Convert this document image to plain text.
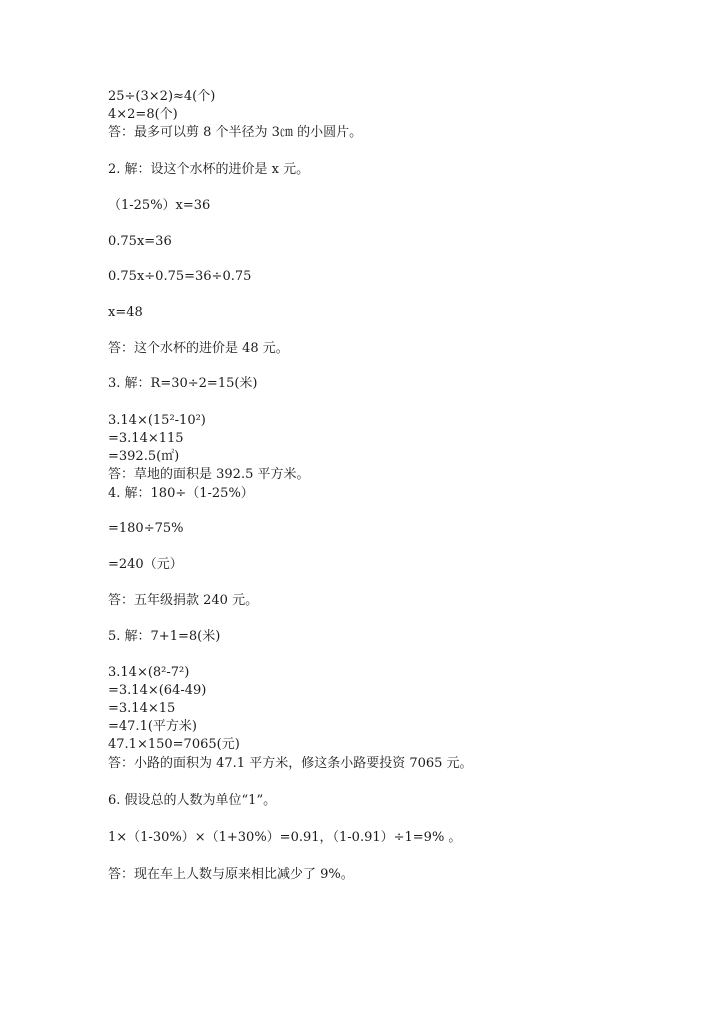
25÷(3×2)≈4(个)
4×2=8(个)
答：最多可以剪 8 个半径为 3㎝ 的小圆片。
2. 解：设这个水杯的进价是 x 元。
（1-25%）x=36
0.75x=36
0.75x÷0.75=36÷0.75
x=48
答：这个水杯的进价是 48 元。
3. 解：R=30÷2=15(米)
3.14×(15²-10²)
=3.14×115
=392.5(㎡)
答：草地的面积是 392.5 平方米。
4. 解：180÷（1-25%）
=180÷75%
=240（元）
答：五年级捐款 240 元。
5. 解：7+1=8(米)
3.14×(8²-7²)
=3.14×(64-49)
=3.14×15
=47.1(平方米)
47.1×150=7065(元)
答：小路的面积为 47.1 平方米，修这条小路要投资 7065 元。
6. 假设总的人数为单位“1”。
1×（1-30%）×（1+30%）=0.91，（1-0.91）÷1=9% 。
答：现在车上人数与原来相比减少了 9%。
